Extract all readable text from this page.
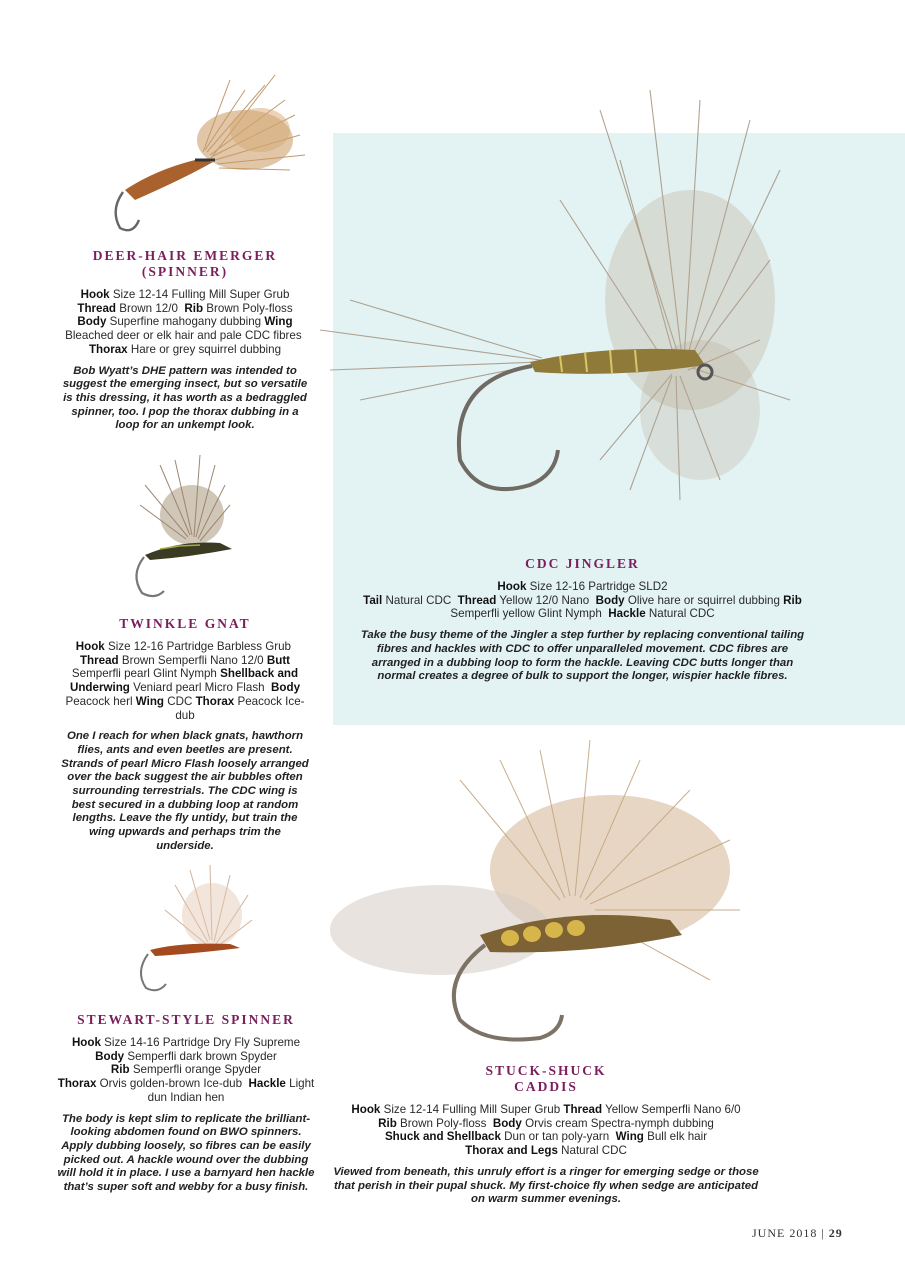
DEER-HAIR EMERGER
(SPINNER)

Hook Size 12-14 Fulling Mill Super Grub
Thread Brown 12/0 Rib Brown Poly-floss
Body Superfine mahogany dubbing Wing Bleached deer or elk hair and pale CDC fibres  Thorax Hare or grey squirrel dubbing

Bob Wyatt’s DHE pattern was intended to suggest the emerging insect, but so versatile is this dressing, it has worth as a bedraggled spinner, too. I pop the thorax dubbing in a loop for an unkempt look.

TWINKLE GNAT

Hook Size 12-16 Partridge Barbless Grub  Thread Brown Semperfli Nano 12/0 Butt Semperfli pearl Glint Nymph Shellback and Underwing Veniard pearl Micro Flash Body Peacock herl Wing CDC Thorax Peacock Ice-dub

One I reach for when black gnats, hawthorn flies, ants and even beetles are present. Strands of pearl Micro Flash loosely arranged over the back suggest the air bubbles often surrounding terrestrials. The CDC wing is best secured in a dubbing loop at random lengths. Leave the fly untidy, but train the wing upwards and perhaps trim the underside.

STEWART-STYLE SPINNER

Hook Size 14-16 Partridge Dry Fly Supreme
Body Semperfli dark brown Spyder
Rib Semperfli orange Spyder
Thorax Orvis golden-brown Ice-dub Hackle Light dun Indian hen

The body is kept slim to replicate the brilliant-looking abdomen found on BWO spinners. Apply dubbing loosely, so fibres can be easily picked out. A hackle wound over the dubbing will hold it in place. I use a barnyard hen hackle that’s super soft and webby for a busy finish.

CDC JINGLER

Hook Size 12-16 Partridge SLD2
Tail Natural CDC Thread Yellow 12/0 Nano Body Olive hare or squirrel dubbing Rib Semperfli yellow Glint Nymph Hackle Natural CDC

Take the busy theme of the Jingler a step further by replacing conventional tailing fibres and hackles with CDC to offer unparalleled movement. CDC fibres are arranged in a dubbing loop to form the hackle. Leaving CDC butts longer than normal creates a degree of bulk to support the longer, wispier hackle fibres.

STUCK-SHUCK
CADDIS

Hook Size 12-14 Fulling Mill Super Grub Thread Yellow Semperfli Nano 6/0
Rib Brown Poly-floss Body Orvis cream Spectra-nymph dubbing
Shuck and Shellback Dun or tan poly-yarn Wing Bull elk hair
Thorax and Legs Natural CDC

Viewed from beneath, this unruly effort is a ringer for emerging sedge or those that perish in their pupal shuck. My first-choice fly when sedge are anticipated on warm summer evenings.

JUNE 2018 | 29
